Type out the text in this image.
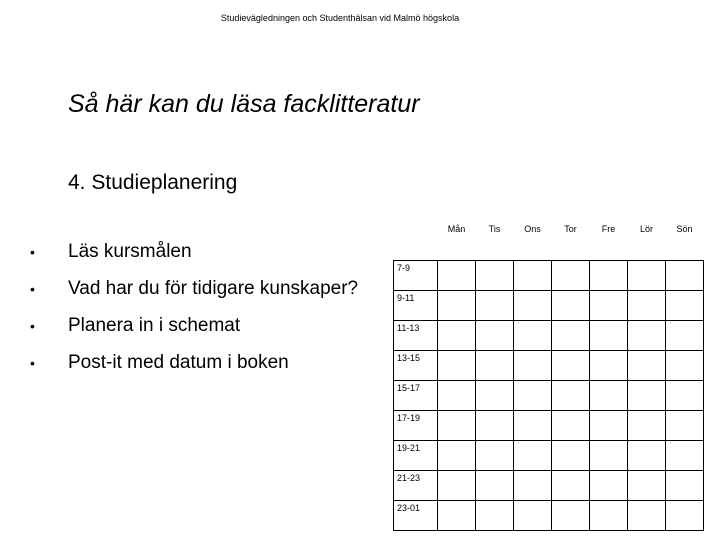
Studievägledningen och Studenthälsan vid Malmö högskola
Så här kan du läsa facklitteratur
4. Studieplanering
•	Läs kursmålen
•	Vad har du för tidigare kunskaper?
•	Planera in i schemat
•	Post-it med datum i boken
	Mån	Tis	Ons	Tor	Fre	Lör	Sön
7-9							
9-11							
11-13							
13-15							
15-17							
17-19							
19-21							
21-23							
23-01							
